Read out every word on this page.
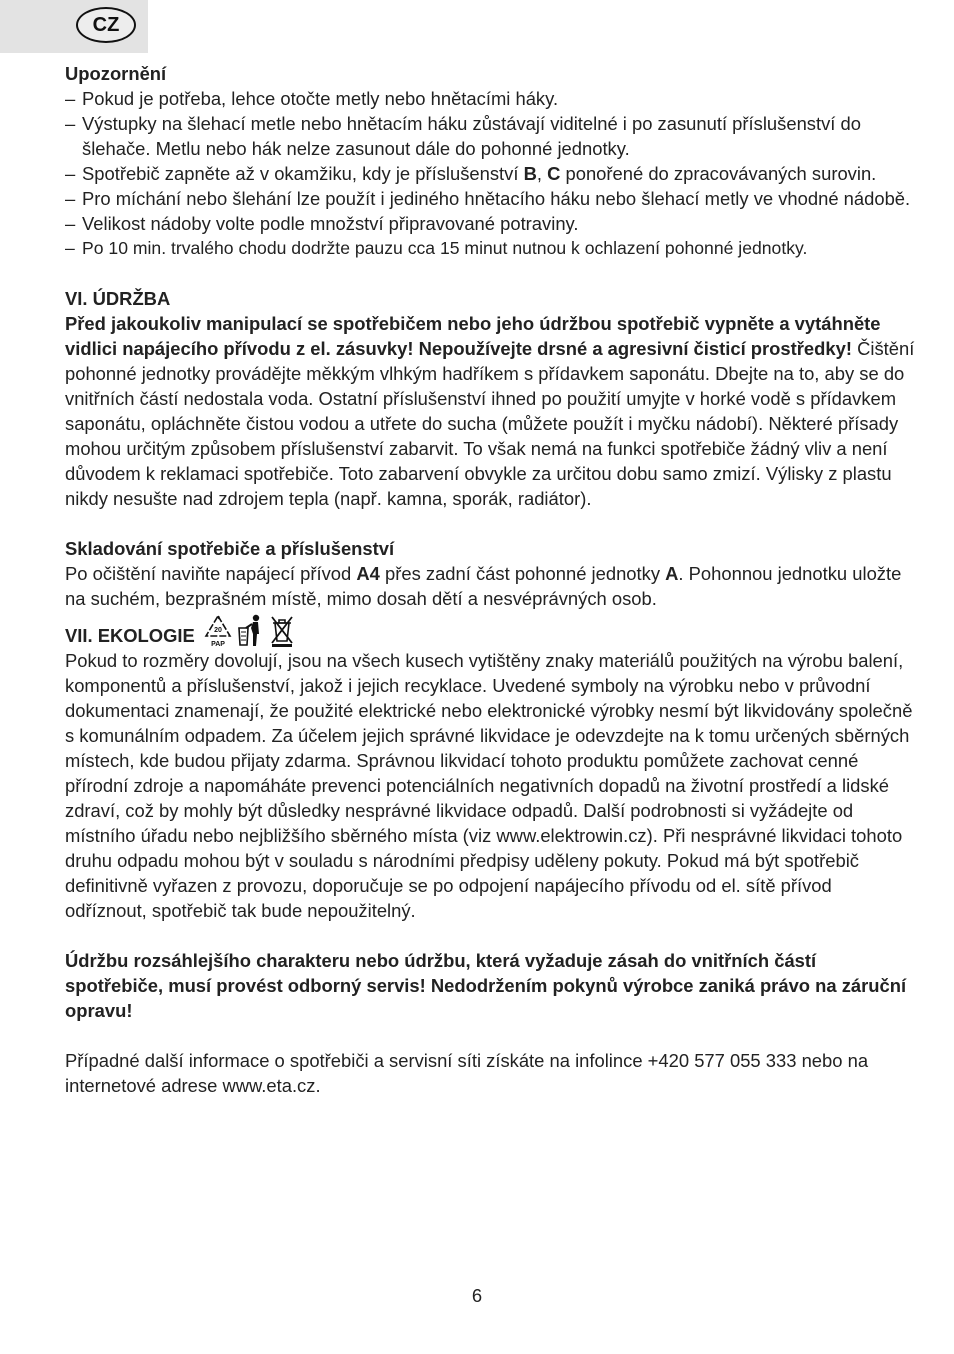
CZ

Upozornění

– Pokud je potřeba, lehce otočte metly nebo hnětacími háky.
– Výstupky na šlehací metle nebo hnětacím háku zůstávají viditelné i po zasunutí příslušenství do šlehače. Metlu nebo hák nelze zasunout dále do pohonné jednotky.
– Spotřebič zapněte až v okamžiku, kdy je příslušenství B, C ponořené do zpracovávaných surovin.
– Pro míchání nebo šlehání lze použít i jediného hnětacího háku nebo šlehací metly ve vhodné nádobě.
– Velikost nádoby volte podle množství připravované potraviny.
– Po 10 min. trvalého chodu dodržte pauzu cca 15 minut nutnou k ochlazení pohonné jednotky.

VI. ÚDRŽBA

Před jakoukoliv manipulací se spotřebičem nebo jeho údržbou spotřebič vypněte a vytáhněte vidlici napájecího přívodu z el. zásuvky! Nepoužívejte drsné a agresivní čisticí prostředky! Čištění pohonné jednotky provádějte měkkým vlhkým hadříkem s přídavkem saponátu. Dbejte na to, aby se do vnitřních částí nedostala voda. Ostatní příslušenství ihned po použití umyjte v horké vodě s přídavkem saponátu, opláchněte čistou vodou a utřete do sucha (můžete použít i myčku nádobí). Některé přísady mohou určitým způsobem příslušenství zabarvit. To však nemá na funkci spotřebiče žádný vliv a není důvodem k reklamaci spotřebiče. Toto zabarvení obvykle za určitou dobu samo zmizí. Výlisky z plastu nikdy nesušte nad zdrojem tepla (např. kamna, sporák, radiátor).

Skladování spotřebiče a příslušenství

Po očištění naviňte napájecí přívod A4 přes zadní část pohonné jednotky A. Pohonnou jednotku uložte na suchém, bezprašném místě, mimo dosah dětí a nesvéprávných osob.

VII. EKOLOGIE	20
PAP

Pokud to rozměry dovolují, jsou na všech kusech vytištěny znaky materiálů použitých na výrobu balení, komponentů a příslušenství, jakož i jejich recyklace. Uvedené symboly na výrobku nebo v průvodní dokumentaci znamenají, že použité elektrické nebo elektronické výrobky nesmí být likvidovány společně s komunálním odpadem. Za účelem jejich správné likvidace je odevzdejte na k tomu určených sběrných místech, kde budou přijaty zdarma. Správnou likvidací tohoto produktu pomůžete zachovat cenné přírodní zdroje a napomáháte prevenci potenciálních negativních dopadů na životní prostředí a lidské zdraví, což by mohly být důsledky nesprávné likvidace odpadů. Další podrobnosti si vyžádejte od místního úřadu nebo nejbližšího sběrného místa (viz www.elektrowin.cz). Při nesprávné likvidaci tohoto druhu odpadu mohou být v souladu s národními předpisy uděleny pokuty. Pokud má být spotřebič definitivně vyřazen z provozu, doporučuje se po odpojení napájecího přívodu od el. sítě přívod odříznout, spotřebič tak bude nepoužitelný.

Údržbu rozsáhlejšího charakteru nebo údržbu, která vyžaduje zásah do vnitřních částí spotřebiče, musí provést odborný servis! Nedodržením pokynů výrobce zaniká právo na záruční opravu!

Případné další informace o spotřebiči a servisní síti získáte na infolince +420 577 055 333 nebo na internetové adrese www.eta.cz.

6
